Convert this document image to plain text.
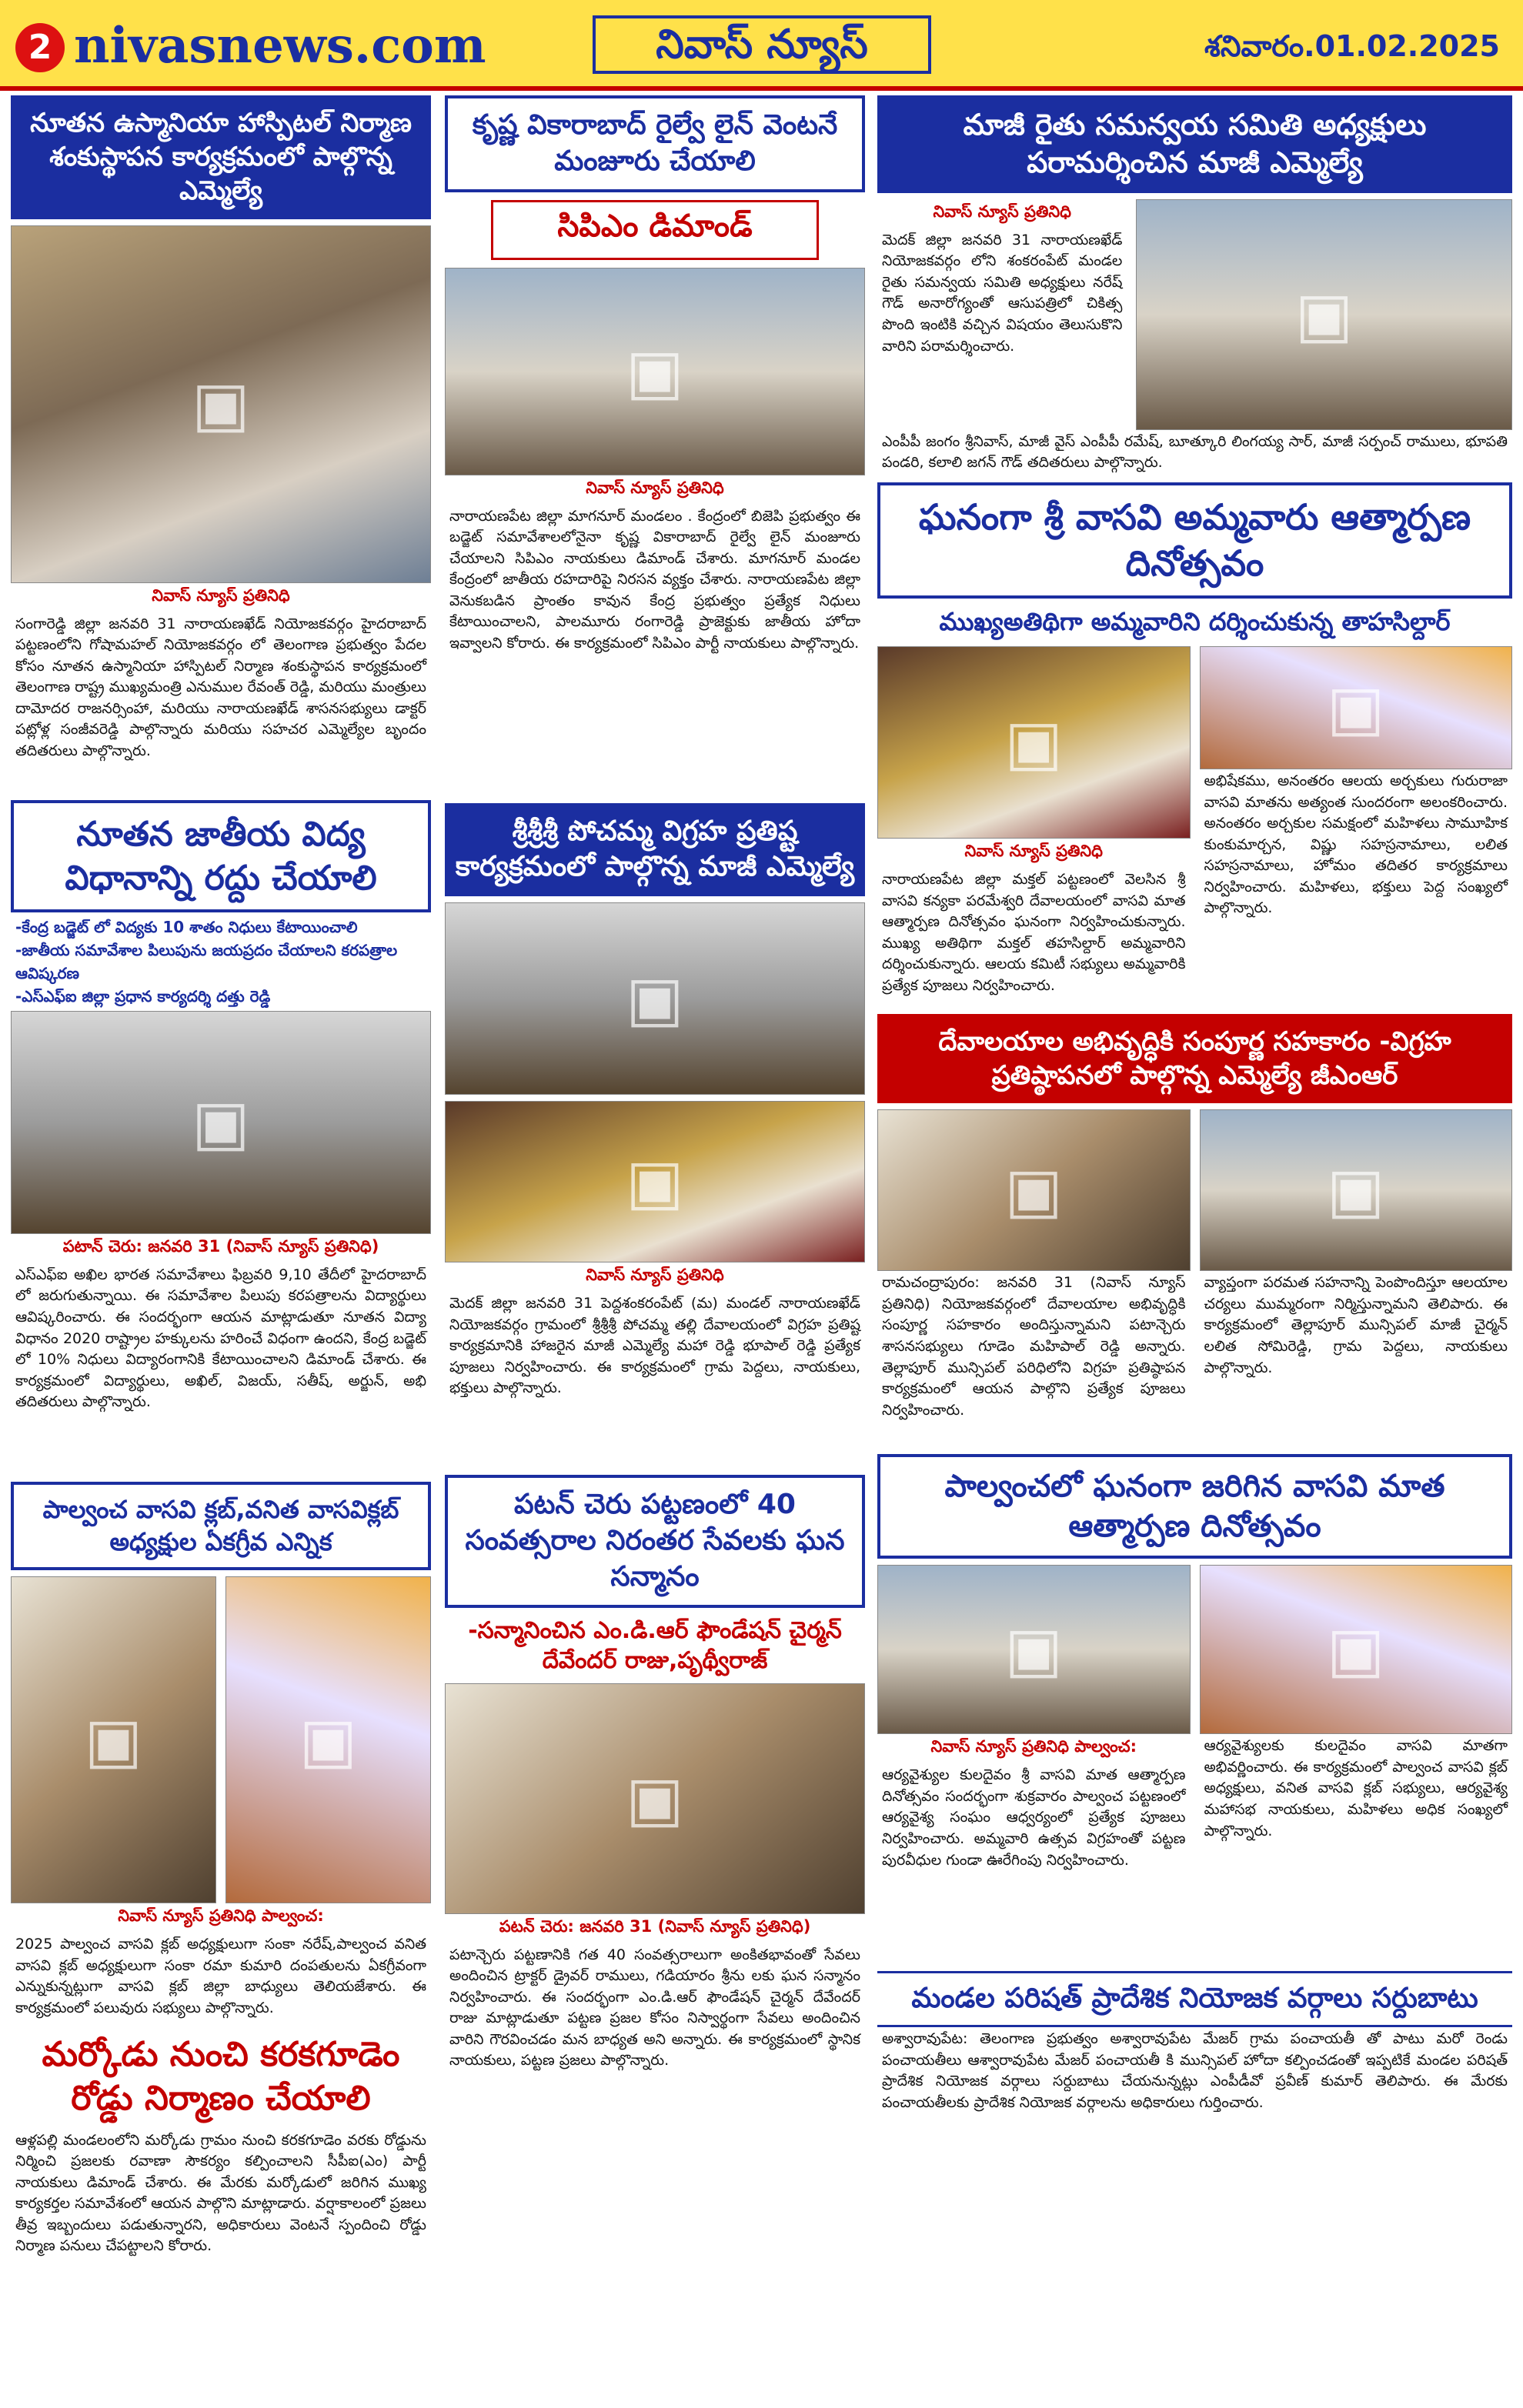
2 nivasnews.com	నివాస్ న్యూస్	శనివారం.01.02.2025
నూతన ఉస్మానియా హాస్పిటల్ నిర్మాణ శంకుస్థాపన కార్యక్రమంలో పాల్గొన్న ఎమ్మెల్యే
▣
నివాస్ న్యూస్ ప్రతినిధి
సంగారెడ్డి జిల్లా జనవరి 31 నారాయణఖేడ్ నియోజకవర్గం హైదరాబాద్ పట్టణంలోని గోషామహల్ నియోజకవర్గం లో తెలంగాణ ప్రభుత్వం పేదల కోసం నూతన ఉస్మానియా హాస్పిటల్ నిర్మాణ శంకుస్థాపన కార్యక్రమంలో తెలంగాణ రాష్ట్ర ముఖ్యమంత్రి ఎనుముల రేవంత్ రెడ్డి, మరియు మంత్రులు దామోదర రాజనర్సింహా, మరియు నారాయణఖేడ్ శాసనసభ్యులు డాక్టర్ పట్లోళ్ల సంజీవరెడ్డి పాల్గొన్నారు మరియు సహచర ఎమ్మెల్యేల బృందం తదితరులు పాల్గొన్నారు.
నూతన జాతీయ విద్య విధానాన్ని రద్దు చేయాలి
-కేంద్ర బడ్జెట్ లో విద్యకు 10 శాతం నిధులు కేటాయించాలి
-జాతీయ సమావేశాల పిలుపును జయప్రదం చేయాలని కరపత్రాల ఆవిష్కరణ
-ఎస్ఎఫ్ఐ జిల్లా ప్రధాన కార్యదర్శి దత్తు రెడ్డి
▣
పటాన్ చెరు: జనవరి 31 (నివాస్ న్యూస్ ప్రతినిధి)
ఎస్ఎఫ్ఐ అఖిల భారత సమావేశాలు ఫిబ్రవరి 9,10 తేదీలో హైదరాబాద్ లో జరుగుతున్నాయి. ఈ సమావేశాల పిలుపు కరపత్రాలను విద్యార్థులు ఆవిష్కరించారు. ఈ సందర్భంగా ఆయన మాట్లాడుతూ నూతన విద్యా విధానం 2020 రాష్ట్రాల హక్కులను హరించే విధంగా ఉందని, కేంద్ర బడ్జెట్ లో 10% నిధులు విద్యారంగానికి కేటాయించాలని డిమాండ్ చేశారు. ఈ కార్యక్రమంలో విద్యార్థులు, అఖిల్, విజయ్, సతీష్, అర్జున్, అభి తదితరులు పాల్గొన్నారు.
పాల్వంచ వాసవి క్లబ్,వనిత వాసవిక్లబ్ అధ్యక్షుల ఏకగ్రీవ ఎన్నిక
▣	▣
నివాస్ న్యూస్ ప్రతినిధి పాల్వంచ:
2025 పాల్వంచ వాసవి క్లబ్ అధ్యక్షులుగా సంకా నరేష్,పాల్వంచ వనిత వాసవి క్లబ్ అధ్యక్షులుగా సంకా రమా కుమారి దంపతులను ఏకగ్రీవంగా ఎన్నుకున్నట్లుగా వాసవి క్లబ్ జిల్లా బాధ్యులు తెలియజేశారు. ఈ కార్యక్రమంలో పలువురు సభ్యులు పాల్గొన్నారు.
మర్కోడు నుంచి కరకగూడెం రోడ్డు నిర్మాణం చేయాలి
ఆళ్లపల్లి మండలంలోని మర్కోడు గ్రామం నుంచి కరకగూడెం వరకు రోడ్డును నిర్మించి ప్రజలకు రవాణా సౌకర్యం కల్పించాలని సీపీఐ(ఎం) పార్టీ నాయకులు డిమాండ్ చేశారు. ఈ మేరకు మర్కోడులో జరిగిన ముఖ్య కార్యకర్తల సమావేశంలో ఆయన పాల్గొని మాట్లాడారు. వర్షాకాలంలో ప్రజలు తీవ్ర ఇబ్బందులు పడుతున్నారని, అధికారులు వెంటనే స్పందించి రోడ్డు నిర్మాణ పనులు చేపట్టాలని కోరారు.
కృష్ణ వికారాబాద్ రైల్వే లైన్ వెంటనే మంజూరు చేయాలి
సిపిఎం డిమాండ్
▣
నివాస్ న్యూస్ ప్రతినిధి
నారాయణపేట జిల్లా మాగనూర్ మండలం . కేంద్రంలో బిజెపి ప్రభుత్వం ఈ బడ్జెట్ సమావేశాలలోనైనా కృష్ణ వికారాబాద్ రైల్వే లైన్ మంజూరు చేయాలని సిపిఎం నాయకులు డిమాండ్ చేశారు. మాగనూర్ మండల కేంద్రంలో జాతీయ రహదారిపై నిరసన వ్యక్తం చేశారు. నారాయణపేట జిల్లా వెనుకబడిన ప్రాంతం కావున కేంద్ర ప్రభుత్వం ప్రత్యేక నిధులు కేటాయించాలని, పాలమూరు రంగారెడ్డి ప్రాజెక్టుకు జాతీయ హోదా ఇవ్వాలని కోరారు. ఈ కార్యక్రమంలో సిపిఎం పార్టీ నాయకులు పాల్గొన్నారు.
శ్రీశ్రీశ్రీ పోచమ్మ విగ్రహ ప్రతిష్ట కార్యక్రమంలో పాల్గొన్న మాజీ ఎమ్మెల్యే
▣
▣
నివాస్ న్యూస్ ప్రతినిధి
మెదక్ జిల్లా జనవరి 31 పెద్దశంకరంపేట్ (మ) మండల్ నారాయణఖేడ్ నియోజకవర్గం గ్రామంలో శ్రీశ్రీశ్రీ పోచమ్మ తల్లి దేవాలయంలో విగ్రహ ప్రతిష్ట కార్యక్రమానికి హాజరైన మాజీ ఎమ్మెల్యే మహా రెడ్డి భూపాల్ రెడ్డి ప్రత్యేక పూజలు నిర్వహించారు. ఈ కార్యక్రమంలో గ్రామ పెద్దలు, నాయకులు, భక్తులు పాల్గొన్నారు.
పటన్ చెరు పట్టణంలో 40 సంవత్సరాల నిరంతర సేవలకు ఘన సన్మానం
-సన్మానించిన ఎం.డి.ఆర్ ఫౌండేషన్ చైర్మన్ దేవేందర్ రాజు,పృథ్వీరాజ్
▣
పటన్ చెరు: జనవరి 31 (నివాస్ న్యూస్ ప్రతినిధి)
పటాన్చెరు పట్టణానికి గత 40 సంవత్సరాలుగా అంకితభావంతో సేవలు అందించిన ట్రాక్టర్ డ్రైవర్ రాములు, గడియారం శ్రీను లకు ఘన సన్మానం నిర్వహించారు. ఈ సందర్భంగా ఎం.డి.ఆర్ ఫౌండేషన్ చైర్మన్ దేవేందర్ రాజు మాట్లాడుతూ పట్టణ ప్రజల కోసం నిస్వార్థంగా సేవలు అందించిన వారిని గౌరవించడం మన బాధ్యత అని అన్నారు. ఈ కార్యక్రమంలో స్థానిక నాయకులు, పట్టణ ప్రజలు పాల్గొన్నారు.
మాజీ రైతు సమన్వయ సమితి అధ్యక్షులు పరామర్శించిన మాజీ ఎమ్మెల్యే
నివాస్ న్యూస్ ప్రతినిధి
మెదక్ జిల్లా జనవరి 31 నారాయణఖేడ్ నియోజకవర్గం లోని శంకరంపేట్ మండల రైతు సమన్వయ సమితి అధ్యక్షులు నరేష్ గౌడ్ అనారోగ్యంతో ఆసుపత్రిలో చికిత్స పొంది ఇంటికి వచ్చిన విషయం తెలుసుకొని వారిని పరామర్శించారు.	▣
ఎంపీపీ జంగం శ్రీనివాస్, మాజీ వైస్ ఎంపీపీ రమేష్, బూత్కూరి లింగయ్య సార్, మాజీ సర్పంచ్ రాములు, భూపతి పండరి, కలాలి జగన్ గౌడ్ తదితరులు పాల్గొన్నారు.
ఘనంగా శ్రీ వాసవి అమ్మవారు ఆత్మార్పణ దినోత్సవం
ముఖ్యఅతిథిగా అమ్మవారిని దర్శించుకున్న తాహసిల్దార్
▣
నివాస్ న్యూస్ ప్రతినిధి
నారాయణపేట జిల్లా మక్తల్ పట్టణంలో వెలసిన శ్రీ వాసవి కన్యకా పరమేశ్వరి దేవాలయంలో వాసవి మాత ఆత్మార్పణ దినోత్సవం ఘనంగా నిర్వహించుకున్నారు. ముఖ్య అతిథిగా మక్తల్ తహసిల్దార్ అమ్మవారిని దర్శించుకున్నారు. ఆలయ కమిటీ సభ్యులు అమ్మవారికి ప్రత్యేక పూజలు నిర్వహించారు.
▣
అభిషేకము, అనంతరం ఆలయ అర్చకులు గురురాజా వాసవి మాతను అత్యంత సుందరంగా అలంకరించారు. అనంతరం అర్చకుల సమక్షంలో మహిళలు సామూహిక కుంకుమార్చన, విష్ణు సహస్రనామాలు, లలిత సహస్రనామాలు, హోమం తదితర కార్యక్రమాలు నిర్వహించారు. మహిళలు, భక్తులు పెద్ద సంఖ్యలో పాల్గొన్నారు.
దేవాలయాల అభివృద్ధికి సంపూర్ణ సహకారం -విగ్రహ ప్రతిష్ఠాపనలో పాల్గొన్న ఎమ్మెల్యే జీఎంఆర్
▣	▣
రామచంద్రాపురం: జనవరి 31 (నివాస్ న్యూస్ ప్రతినిధి) నియోజకవర్గంలో దేవాలయాల అభివృద్ధికి సంపూర్ణ సహకారం అందిస్తున్నామని పటాన్చెరు శాసనసభ్యులు గూడెం మహిపాల్ రెడ్డి అన్నారు. తెల్లాపూర్ మున్సిపల్ పరిధిలోని విగ్రహ ప్రతిష్ఠాపన కార్యక్రమంలో ఆయన పాల్గొని ప్రత్యేక పూజలు నిర్వహించారు.
వ్యాప్తంగా పరమత సహనాన్ని పెంపొందిస్తూ ఆలయాల చర్యలు ముమ్మరంగా నిర్మిస్తున్నామని తెలిపారు. ఈ కార్యక్రమంలో తెల్లాపూర్ మున్సిపల్ మాజీ చైర్మన్ లలిత సోమిరెడ్డి, గ్రామ పెద్దలు, నాయకులు పాల్గొన్నారు.
పాల్వంచలో ఘనంగా జరిగిన వాసవి మాత ఆత్మార్పణ దినోత్సవం
▣
నివాస్ న్యూస్ ప్రతినిధి పాల్వంచ:
ఆర్యవైశ్యుల కులదైవం శ్రీ వాసవి మాత ఆత్మార్పణ దినోత్సవం సందర్భంగా శుక్రవారం పాల్వంచ పట్టణంలో ఆర్యవైశ్య సంఘం ఆధ్వర్యంలో ప్రత్యేక పూజలు నిర్వహించారు. అమ్మవారి ఉత్సవ విగ్రహంతో పట్టణ పురవీధుల గుండా ఊరేగింపు నిర్వహించారు.
▣
ఆర్యవైశ్యులకు కులదైవం వాసవి మాతగా అభివర్ణించారు. ఈ కార్యక్రమంలో పాల్వంచ వాసవి క్లబ్ అధ్యక్షులు, వనిత వాసవి క్లబ్ సభ్యులు, ఆర్యవైశ్య మహాసభ నాయకులు, మహిళలు అధిక సంఖ్యలో పాల్గొన్నారు.
మండల పరిషత్ ప్రాదేశిక నియోజక వర్గాలు సర్దుబాటు
అశ్వారావుపేట: తెలంగాణ ప్రభుత్వం అశ్వారావుపేట మేజర్ గ్రామ పంచాయతీ తో పాటు మరో రెండు పంచాయతీలు ఆశ్వారావుపేట మేజర్ పంచాయతీ కి మున్సిపల్ హోదా కల్పించడంతో ఇప్పటికే మండల పరిషత్ ప్రాదేశిక నియోజక వర్గాలు సర్దుబాటు చేయనున్నట్లు ఎంపీడీవో ప్రవీణ్ కుమార్ తెలిపారు. ఈ మేరకు పంచాయతీలకు ప్రాదేశిక నియోజక వర్గాలను అధికారులు గుర్తించారు.
